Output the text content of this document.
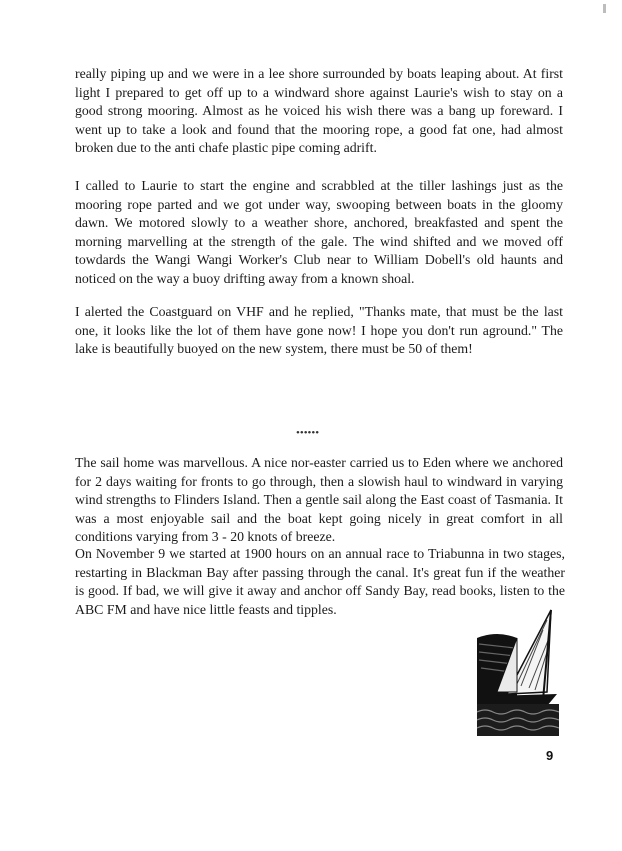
really piping up and we were in a lee shore surrounded by boats leaping about. At first light I prepared to get off up to a windward shore against Laurie's wish to stay on a good strong mooring. Almost as he voiced his wish there was a bang up foreward. I went up to take a look and found that the mooring rope, a good fat one, had almost broken due to the anti chafe plastic pipe coming adrift.

I called to Laurie to start the engine and scrabbled at the tiller lashings just as the mooring rope parted and we got under way, swooping between boats in the gloomy dawn. We motored slowly to a weather shore, anchored, breakfasted and spent the morning marvelling at the strength of the gale. The wind shifted and we moved off towdards the Wangi Wangi Worker's Club near to William Dobell's old haunts and noticed on the way a buoy drifting away from a known shoal.

I alerted the Coastguard on VHF and he replied, "Thanks mate, that must be the last one, it looks like the lot of them have gone now! I hope you don't run aground." The lake is beautifully buoyed on the new system, there must be 50 of them!

••••••

The sail home was marvellous. A nice nor-easter carried us to Eden where we anchored for 2 days waiting for fronts to go through, then a slowish haul to windward in varying wind strengths to Flinders Island. Then a gentle sail along the East coast of Tasmania. It was a most enjoyable sail and the boat kept going nicely in great comfort in all conditions varying from 3 - 20 knots of breeze.

On November 9 we started at 1900 hours on an annual race to Triabunna in two stages, restarting in Blackman Bay after passing through the canal. It's great fun if the weather is good. If bad, we will give it away and anchor off Sandy Bay, read books, listen to the ABC FM and have nice little feasts and tipples.

9
